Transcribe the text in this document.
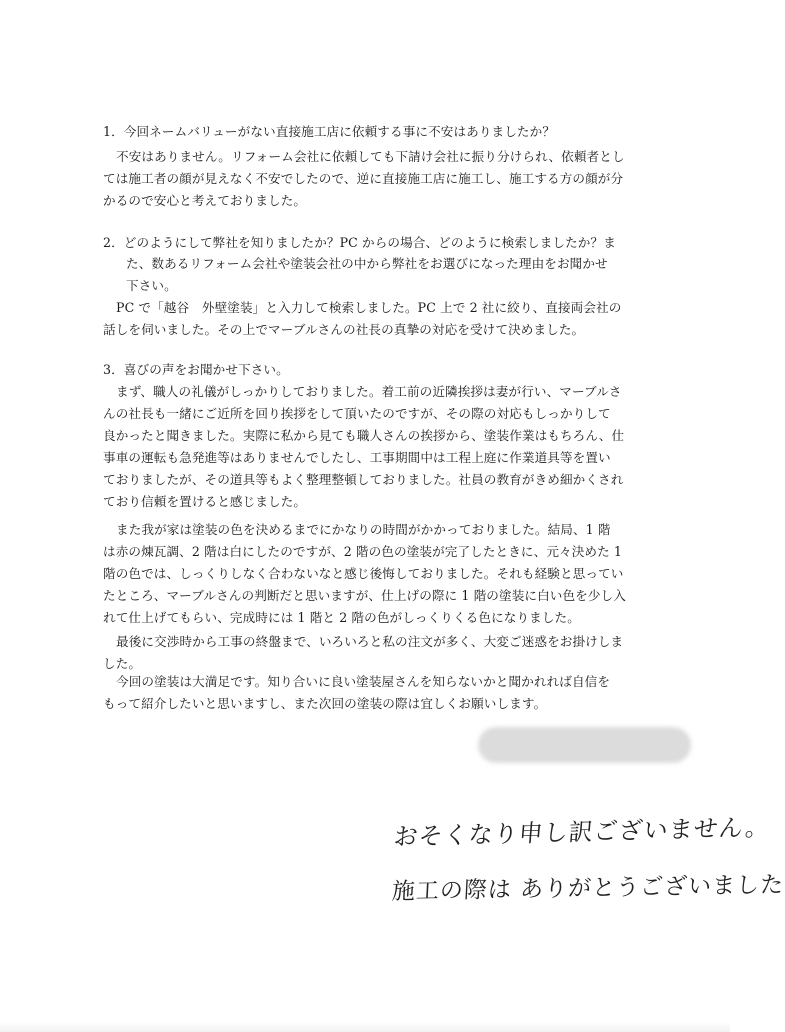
1．今回ネームバリューがない直接施工店に依頼する事に不安はありましたか？
不安はありません。リフォーム会社に依頼しても下請け会社に振り分けられ、依頼者とし
ては施工者の顔が見えなく不安でしたので、逆に直接施工店に施工し、施工する方の顔が分
かるので安心と考えておりました。
2．どのようにして弊社を知りましたか？PC からの場合、どのように検索しましたか？ま
た、数あるリフォーム会社や塗装会社の中から弊社をお選びになった理由をお聞かせ
下さい。
PC で「越谷　外壁塗装」と入力して検索しました。PC 上で 2 社に絞り、直接両会社の
話しを伺いました。その上でマーブルさんの社長の真摯の対応を受けて決めました。
3．喜びの声をお聞かせ下さい。
まず、職人の礼儀がしっかりしておりました。着工前の近隣挨拶は妻が行い、マーブルさ
んの社長も一緒にご近所を回り挨拶をして頂いたのですが、その際の対応もしっかりして
良かったと聞きました。実際に私から見ても職人さんの挨拶から、塗装作業はもちろん、仕
事車の運転も急発進等はありませんでしたし、工事期間中は工程上庭に作業道具等を置い
ておりましたが、その道具等もよく整理整頓しておりました。社員の教育がきめ細かくされ
ており信頼を置けると感じました。
また我が家は塗装の色を決めるまでにかなりの時間がかかっておりました。結局、1 階
は赤の煉瓦調、2 階は白にしたのですが、2 階の色の塗装が完了したときに、元々決めた 1
階の色では、しっくりしなく合わないなと感じ後悔しておりました。それも経験と思ってい
たところ、マーブルさんの判断だと思いますが、仕上げの際に 1 階の塗装に白い色を少し入
れて仕上げてもらい、完成時には 1 階と 2 階の色がしっくりくる色になりました。
最後に交渉時から工事の終盤まで、いろいろと私の注文が多く、大変ご迷惑をお掛けしま
した。
今回の塗装は大満足です。知り合いに良い塗装屋さんを知らないかと聞かれれば自信を
もって紹介したいと思いますし、また次回の塗装の際は宜しくお願いします。
おそくなり申し訳ございません。
施工の際は ありがとうございました
